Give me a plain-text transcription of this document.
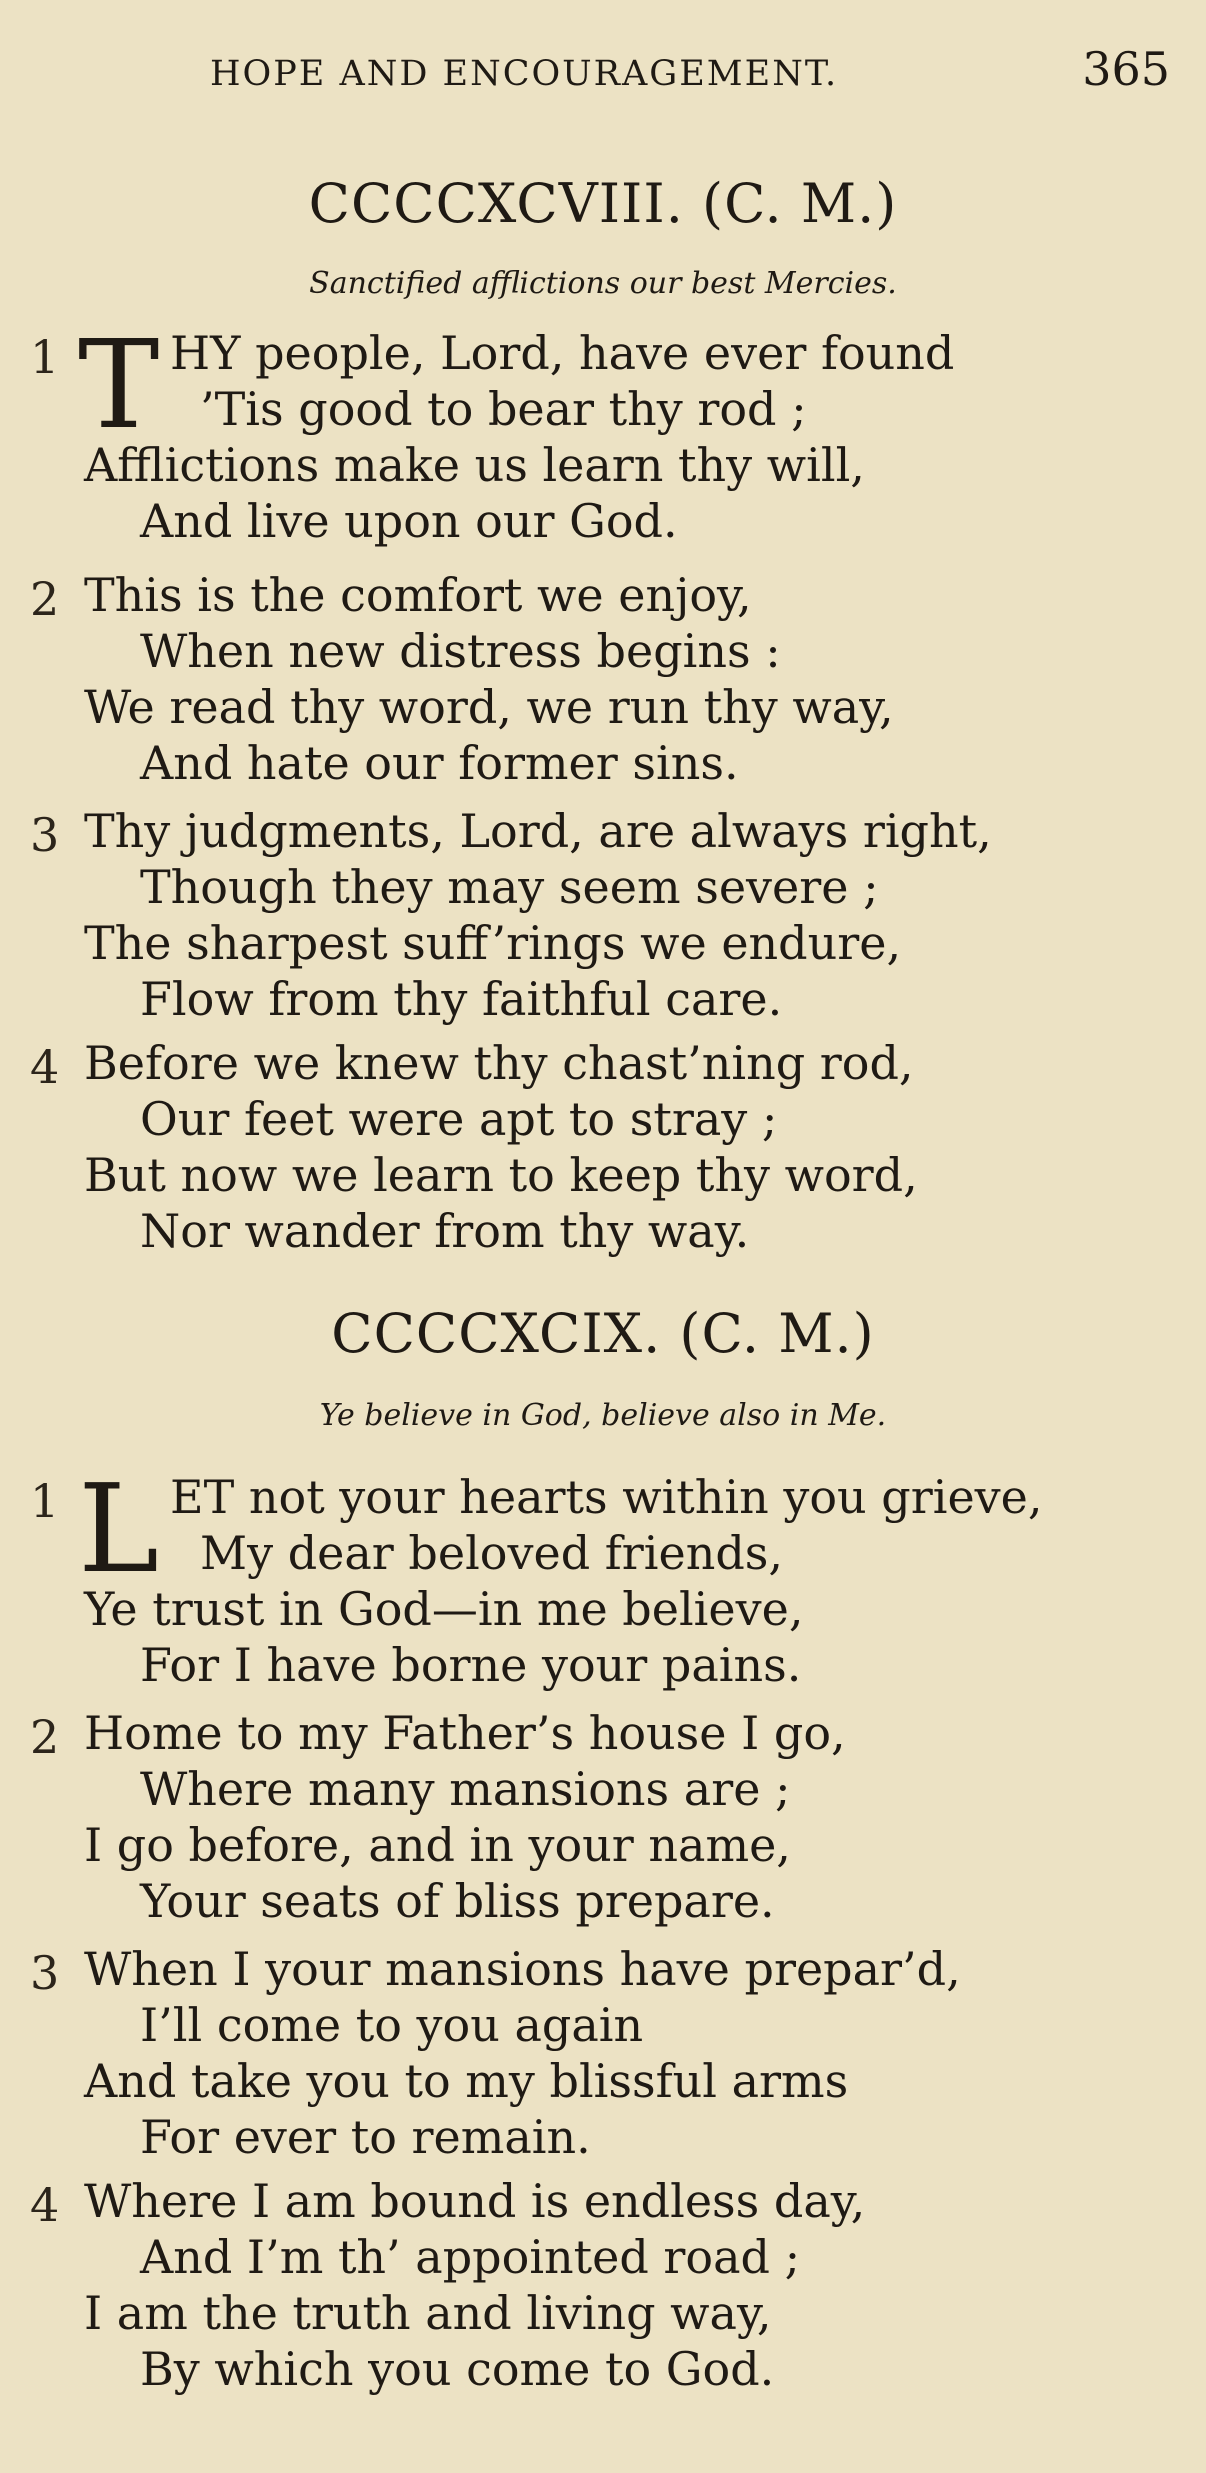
HOPE AND ENCOURAGEMENT.	365
CCCCXCVIII. (C. M.)
Sanctified afflictions our best Mercies.
1 T HY people, Lord, have ever found
’Tis good to bear thy rod ;
Afflictions make us learn thy will,
And live upon our God.
2 This is the comfort we enjoy,
When new distress begins :
We read thy word, we run thy way,
And hate our former sins.
3 Thy judgments, Lord, are always right,
Though they may seem severe ;
The sharpest suff’rings we endure,
Flow from thy faithful care.
4 Before we knew thy chast’ning rod,
Our feet were apt to stray ;
But now we learn to keep thy word,
Nor wander from thy way.
CCCCXCIX. (C. M.)
Ye believe in God, believe also in Me.
1 L ET not your hearts within you grieve,
My dear beloved friends,
Ye trust in God—in me believe,
For I have borne your pains.
2 Home to my Father’s house I go,
Where many mansions are ;
I go before, and in your name,
Your seats of bliss prepare.
3 When I your mansions have prepar’d,
I’ll come to you again
And take you to my blissful arms
For ever to remain.
4 Where I am bound is endless day,
And I’m th’ appointed road ;
I am the truth and living way,
By which you come to God.
